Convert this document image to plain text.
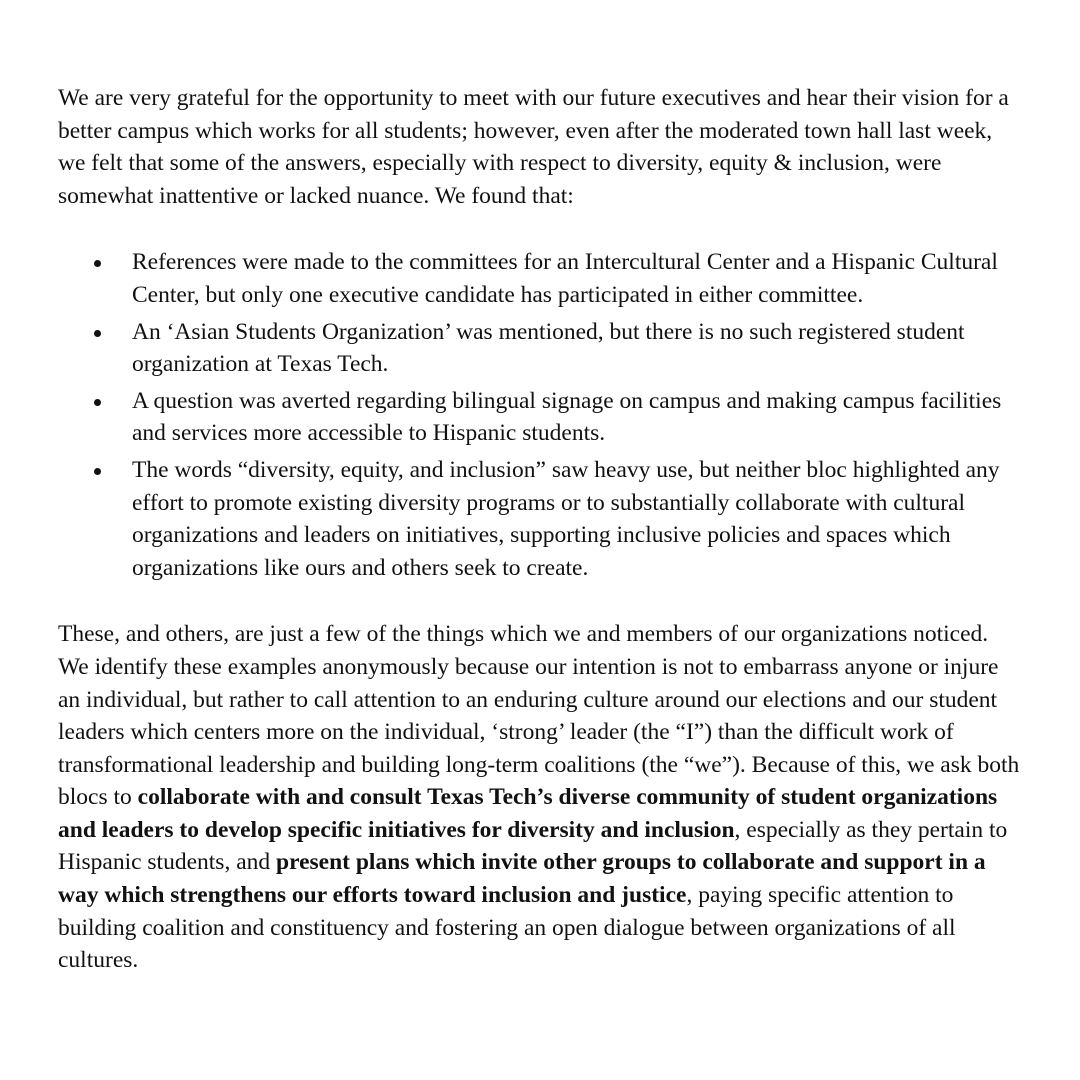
We are very grateful for the opportunity to meet with our future executives and hear their vision for a better campus which works for all students; however, even after the moderated town hall last week, we felt that some of the answers, especially with respect to diversity, equity & inclusion, were somewhat inattentive or lacked nuance. We found that:

References were made to the committees for an Intercultural Center and a Hispanic Cultural Center, but only one executive candidate has participated in either committee.
An ‘Asian Students Organization’ was mentioned, but there is no such registered student organization at Texas Tech.
A question was averted regarding bilingual signage on campus and making campus facilities and services more accessible to Hispanic students.
The words “diversity, equity, and inclusion” saw heavy use, but neither bloc highlighted any effort to promote existing diversity programs or to substantially collaborate with cultural organizations and leaders on initiatives, supporting inclusive policies and spaces which organizations like ours and others seek to create.

These, and others, are just a few of the things which we and members of our organizations noticed. We identify these examples anonymously because our intention is not to embarrass anyone or injure an individual, but rather to call attention to an enduring culture around our elections and our student leaders which centers more on the individual, ‘strong’ leader (the “I”) than the difficult work of transformational leadership and building long-term coalitions (the “we”). Because of this, we ask both blocs to collaborate with and consult Texas Tech’s diverse community of student organizations and leaders to develop specific initiatives for diversity and inclusion, especially as they pertain to Hispanic students, and present plans which invite other groups to collaborate and support in a way which strengthens our efforts toward inclusion and justice, paying specific attention to building coalition and constituency and fostering an open dialogue between organizations of all cultures.
